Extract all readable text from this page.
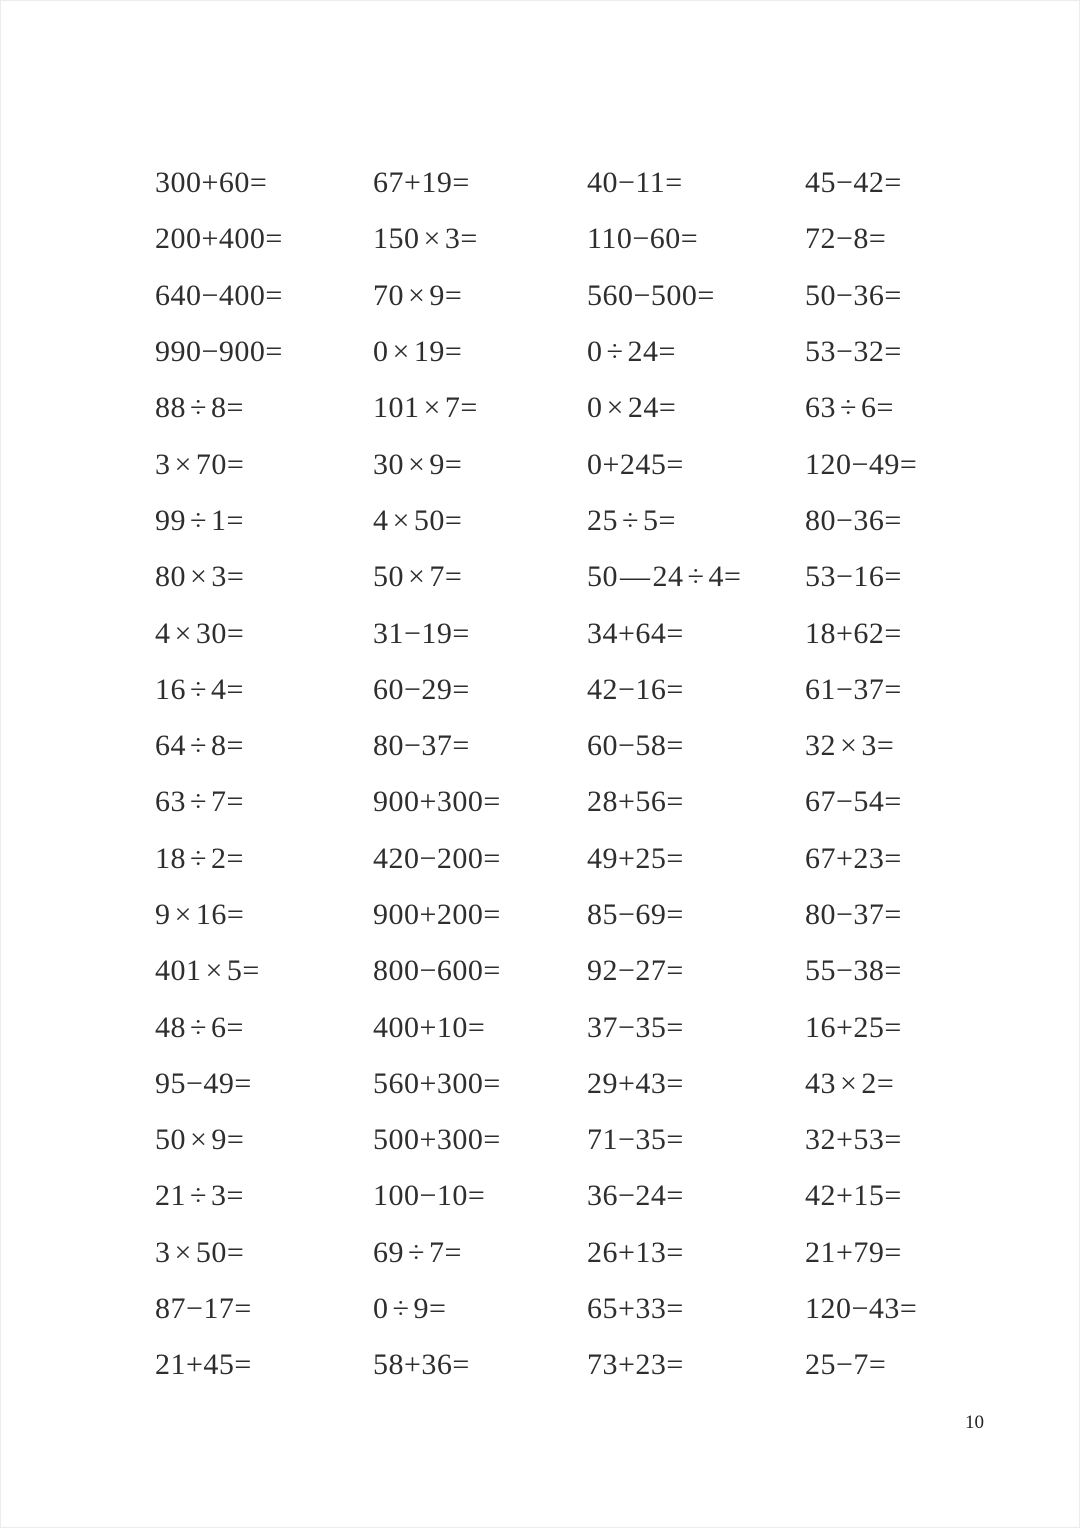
300+60=	67+19=	40−11=	45−42=
200+400=	150 × 3=	110−60=	72−8=
640−400=	70 × 9=	560−500=	50−36=
990−900=	0 × 19=	0 ÷ 24=	53−32=
88 ÷ 8=	101 × 7=	0 × 24=	63 ÷ 6=
3 × 70=	30 × 9=	0+245=	120−49=
99 ÷ 1=	4 × 50=	25 ÷ 5=	80−36=
80 × 3=	50 × 7=	50 — 24 ÷ 4=	53−16=
4 × 30=	31−19=	34+64=	18+62=
16 ÷ 4=	60−29=	42−16=	61−37=
64 ÷ 8=	80−37=	60−58=	32 × 3=
63 ÷ 7=	900+300=	28+56=	67−54=
18 ÷ 2=	420−200=	49+25=	67+23=
9 × 16=	900+200=	85−69=	80−37=
401 × 5=	800−600=	92−27=	55−38=
48 ÷ 6=	400+10=	37−35=	16+25=
95−49=	560+300=	29+43=	43 × 2=
50 × 9=	500+300=	71−35=	32+53=
21 ÷ 3=	100−10=	36−24=	42+15=
3 × 50=	69 ÷ 7=	26+13=	21+79=
87−17=	0 ÷ 9=	65+33=	120−43=
21+45=	58+36=	73+23=	25−7=
10
